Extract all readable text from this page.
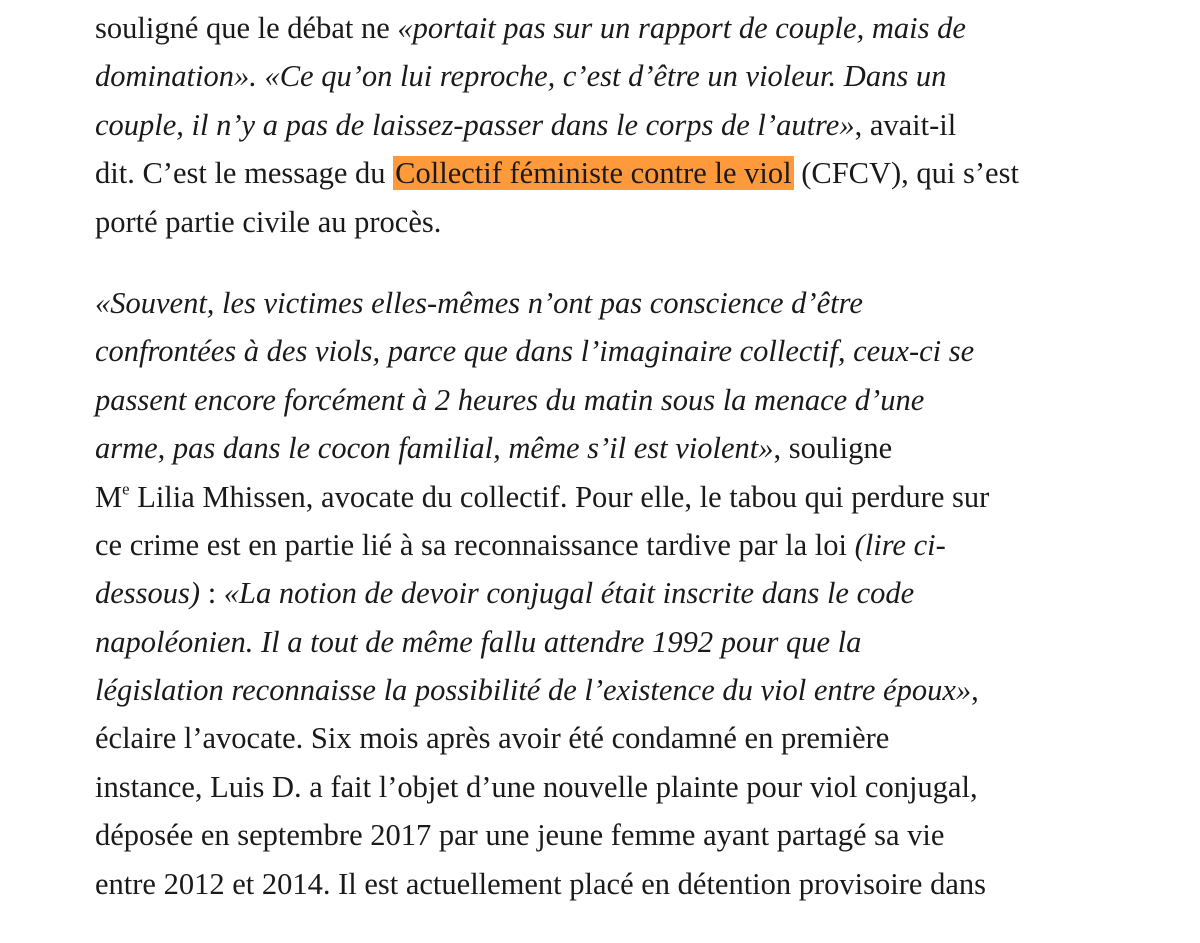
souligné que le débat ne «portait pas sur un rapport de couple, mais de
domination». «Ce qu’on lui reproche, c’est d’être un violeur. Dans un
couple, il n’y a pas de laissez-passer dans le corps de l’autre», avait-il
dit. C’est le message du Collectif féministe contre le viol (CFCV), qui s’est
porté partie civile au procès.

«Souvent, les victimes elles-mêmes n’ont pas conscience d’être
confrontées à des viols, parce que dans l’imaginaire collectif, ceux-ci se
passent encore forcément à 2 heures du matin sous la menace d’une
arme, pas dans le cocon familial, même s’il est violent», souligne
Me Lilia Mhissen, avocate du collectif. Pour elle, le tabou qui perdure sur
ce crime est en partie lié à sa reconnaissance tardive par la loi (lire ci-
dessous) : «La notion de devoir conjugal était inscrite dans le code
napoléonien. Il a tout de même fallu attendre 1992 pour que la
législation reconnaisse la possibilité de l’existence du viol entre époux»,
éclaire l’avocate. Six mois après avoir été condamné en première
instance, Luis D. a fait l’objet d’une nouvelle plainte pour viol conjugal,
déposée en septembre 2017 par une jeune femme ayant partagé sa vie
entre 2012 et 2014. Il est actuellement placé en détention provisoire dans
